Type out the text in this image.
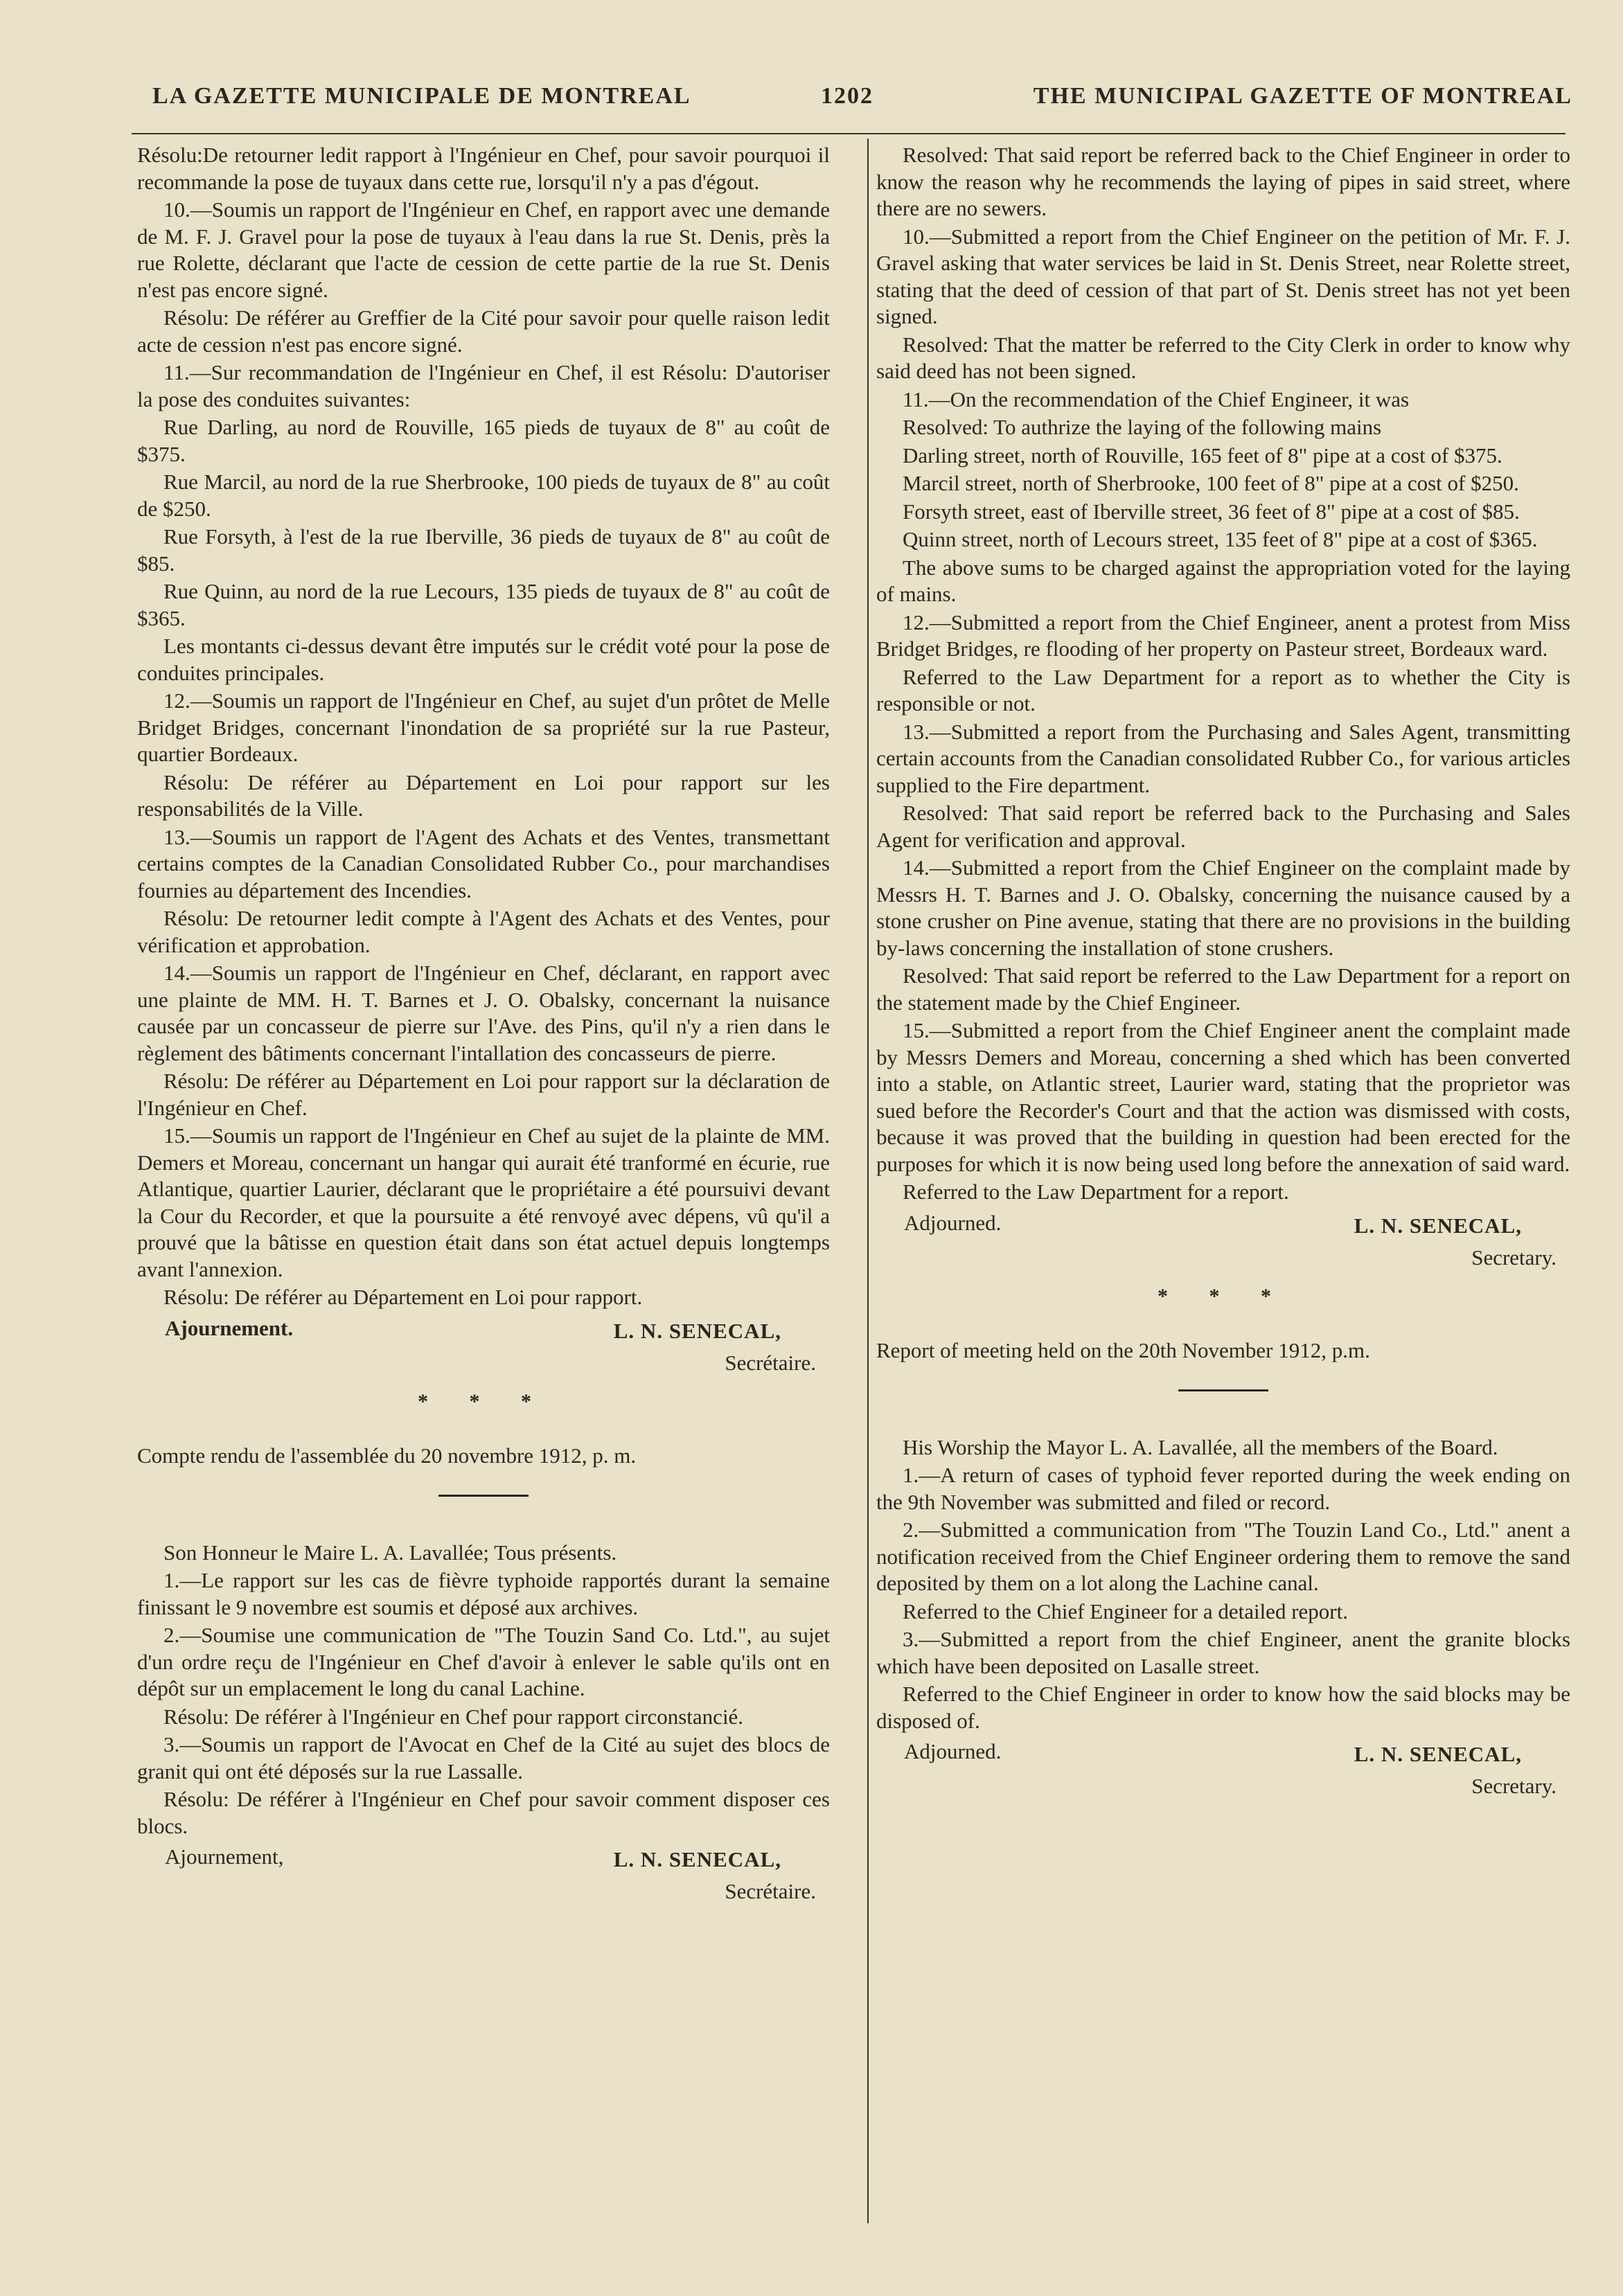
LA GAZETTE MUNICIPALE DE MONTREAL	1202	THE MUNICIPAL GAZETTE OF MONTREAL

Résolu:De retourner ledit rapport à l'Ingénieur en Chef, pour savoir pourquoi il recommande la pose de tuyaux dans cette rue, lorsqu'il n'y a pas d'égout.

10.—Soumis un rapport de l'Ingénieur en Chef, en rapport avec une demande de M. F. J. Gravel pour la pose de tuyaux à l'eau dans la rue St. Denis, près la rue Rolette, déclarant que l'acte de cession de cette partie de la rue St. Denis n'est pas encore signé.

Résolu: De référer au Greffier de la Cité pour savoir pour quelle raison ledit acte de cession n'est pas encore signé.

11.—Sur recommandation de l'Ingénieur en Chef, il est Résolu: D'autoriser la pose des conduites suivantes:

Rue Darling, au nord de Rouville, 165 pieds de tuyaux de 8" au coût de $375.

Rue Marcil, au nord de la rue Sherbrooke, 100 pieds de tuyaux de 8" au coût de $250.

Rue Forsyth, à l'est de la rue Iberville, 36 pieds de tuyaux de 8" au coût de $85.

Rue Quinn, au nord de la rue Lecours, 135 pieds de tuyaux de 8" au coût de $365.

Les montants ci-dessus devant être imputés sur le crédit voté pour la pose de conduites principales.

12.—Soumis un rapport de l'Ingénieur en Chef, au sujet d'un prôtet de Melle Bridget Bridges, concernant l'inondation de sa propriété sur la rue Pasteur, quartier Bordeaux.

Résolu: De référer au Département en Loi pour rapport sur les responsabilités de la Ville.

13.—Soumis un rapport de l'Agent des Achats et des Ventes, transmettant certains comptes de la Canadian Consolidated Rubber Co., pour marchandises fournies au département des Incendies.

Résolu: De retourner ledit compte à l'Agent des Achats et des Ventes, pour vérification et approbation.

14.—Soumis un rapport de l'Ingénieur en Chef, déclarant, en rapport avec une plainte de MM. H. T. Barnes et J. O. Obalsky, concernant la nuisance causée par un concasseur de pierre sur l'Ave. des Pins, qu'il n'y a rien dans le règlement des bâtiments concernant l'intallation des concasseurs de pierre.

Résolu: De référer au Département en Loi pour rapport sur la déclaration de l'Ingénieur en Chef.

15.—Soumis un rapport de l'Ingénieur en Chef au sujet de la plainte de MM. Demers et Moreau, concernant un hangar qui aurait été tranformé en écurie, rue Atlantique, quartier Laurier, déclarant que le propriétaire a été poursuivi devant la Cour du Recorder, et que la poursuite a été renvoyé avec dépens, vû qu'il a prouvé que la bâtisse en question était dans son état actuel depuis longtemps avant l'annexion.

Résolu: De référer au Département en Loi pour rapport.

Ajournement.	L. N. SENECAL,
Secrétaire.
* * *

Compte rendu de l'assemblée du 20 novembre 1912, p. m.

Son Honneur le Maire L. A. Lavallée; Tous présents.

1.—Le rapport sur les cas de fièvre typhoide rapportés durant la semaine finissant le 9 novembre est soumis et déposé aux archives.

2.—Soumise une communication de "The Touzin Sand Co. Ltd.", au sujet d'un ordre reçu de l'Ingénieur en Chef d'avoir à enlever le sable qu'ils ont en dépôt sur un emplacement le long du canal Lachine.

Résolu: De référer à l'Ingénieur en Chef pour rapport circonstancié.

3.—Soumis un rapport de l'Avocat en Chef de la Cité au sujet des blocs de granit qui ont été déposés sur la rue Lassalle.

Résolu: De référer à l'Ingénieur en Chef pour savoir comment disposer ces blocs.

Ajournement,	L. N. SENECAL,
Secrétaire.

Resolved: That said report be referred back to the Chief Engineer in order to know the reason why he recommends the laying of pipes in said street, where there are no sewers.

10.—Submitted a report from the Chief Engineer on the petition of Mr. F. J. Gravel asking that water services be laid in St. Denis Street, near Rolette street, stating that the deed of cession of that part of St. Denis street has not yet been signed.

Resolved: That the matter be referred to the City Clerk in order to know why said deed has not been signed.

11.—On the recommendation of the Chief Engineer, it was

Resolved: To authrize the laying of the following mains

Darling street, north of Rouville, 165 feet of 8" pipe at a cost of $375.

Marcil street, north of Sherbrooke, 100 feet of 8" pipe at a cost of $250.

Forsyth street, east of Iberville street, 36 feet of 8" pipe at a cost of $85.

Quinn street, north of Lecours street, 135 feet of 8" pipe at a cost of $365.

The above sums to be charged against the appropriation voted for the laying of mains.

12.—Submitted a report from the Chief Engineer, anent a protest from Miss Bridget Bridges, re flooding of her property on Pasteur street, Bordeaux ward.

Referred to the Law Department for a report as to whether the City is responsible or not.

13.—Submitted a report from the Purchasing and Sales Agent, transmitting certain accounts from the Canadian consolidated Rubber Co., for various articles supplied to the Fire department.

Resolved: That said report be referred back to the Purchasing and Sales Agent for verification and approval.

14.—Submitted a report from the Chief Engineer on the complaint made by Messrs H. T. Barnes and J. O. Obalsky, concerning the nuisance caused by a stone crusher on Pine avenue, stating that there are no provisions in the building by-laws concerning the installation of stone crushers.

Resolved: That said report be referred to the Law Department for a report on the statement made by the Chief Engineer.

15.—Submitted a report from the Chief Engineer anent the complaint made by Messrs Demers and Moreau, concerning a shed which has been converted into a stable, on Atlantic street, Laurier ward, stating that the proprietor was sued before the Recorder's Court and that the action was dismissed with costs, because it was proved that the building in question had been erected for the purposes for which it is now being used long before the annexation of said ward.

Referred to the Law Department for a report.

Adjourned.	L. N. SENECAL,
Secretary.
* * *

Report of meeting held on the 20th November 1912, p.m.

His Worship the Mayor L. A. Lavallée, all the members of the Board.

1.—A return of cases of typhoid fever reported during the week ending on the 9th November was submitted and filed or record.

2.—Submitted a communication from "The Touzin Land Co., Ltd." anent a notification received from the Chief Engineer ordering them to remove the sand deposited by them on a lot along the Lachine canal.

Referred to the Chief Engineer for a detailed report.

3.—Submitted a report from the chief Engineer, anent the granite blocks which have been deposited on Lasalle street.

Referred to the Chief Engineer in order to know how the said blocks may be disposed of.

Adjourned.	L. N. SENECAL,
Secretary.
